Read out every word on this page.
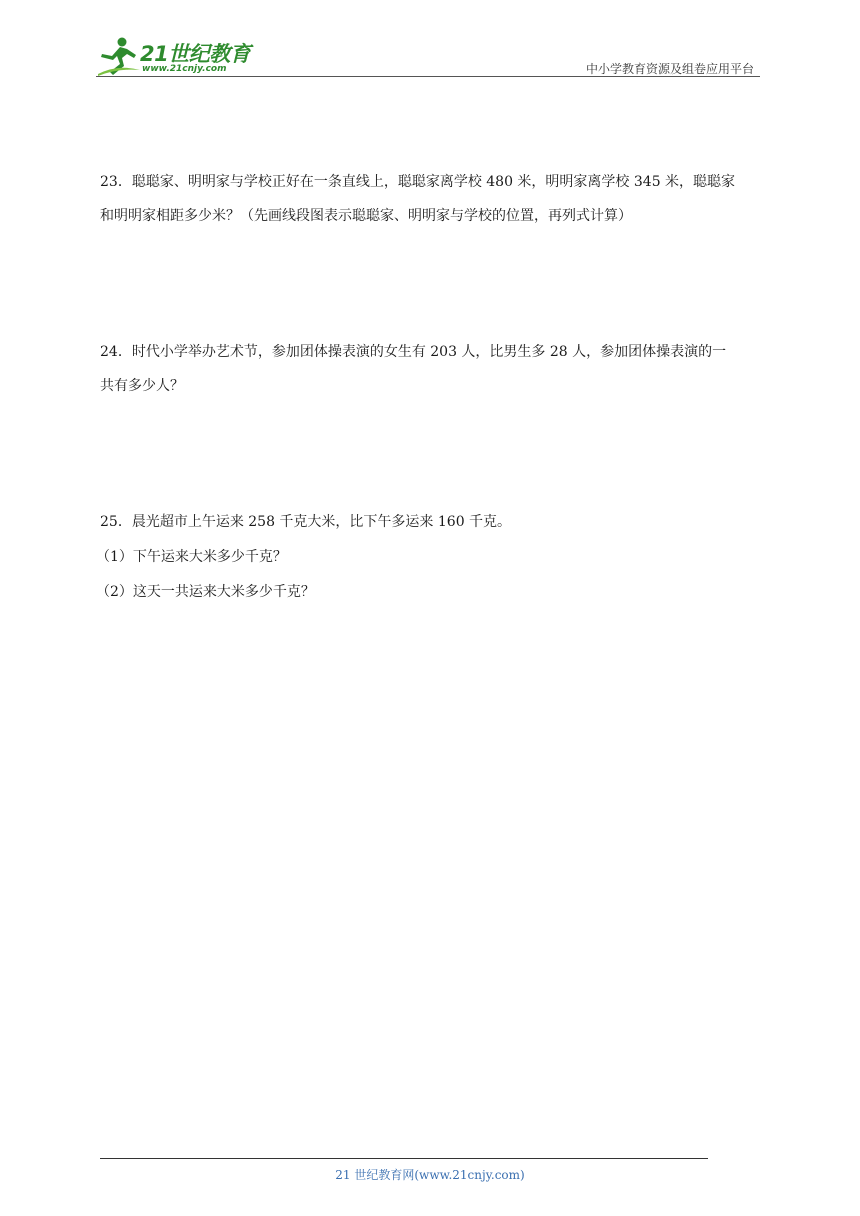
21世纪教育
www.21cnjy.com	中小学教育资源及组卷应用平台

23．聪聪家、明明家与学校正好在一条直线上，聪聪家离学校 480 米，明明家离学校 345 米，聪聪家

和明明家相距多少米？（先画线段图表示聪聪家、明明家与学校的位置，再列式计算）

24．时代小学举办艺术节，参加团体操表演的女生有 203 人，比男生多 28 人，参加团体操表演的一

共有多少人？

25．晨光超市上午运来 258 千克大米，比下午多运来 160 千克。

（1）下午运来大米多少千克？

（2）这天一共运来大米多少千克？

21 世纪教育网(www.21cnjy.com)
